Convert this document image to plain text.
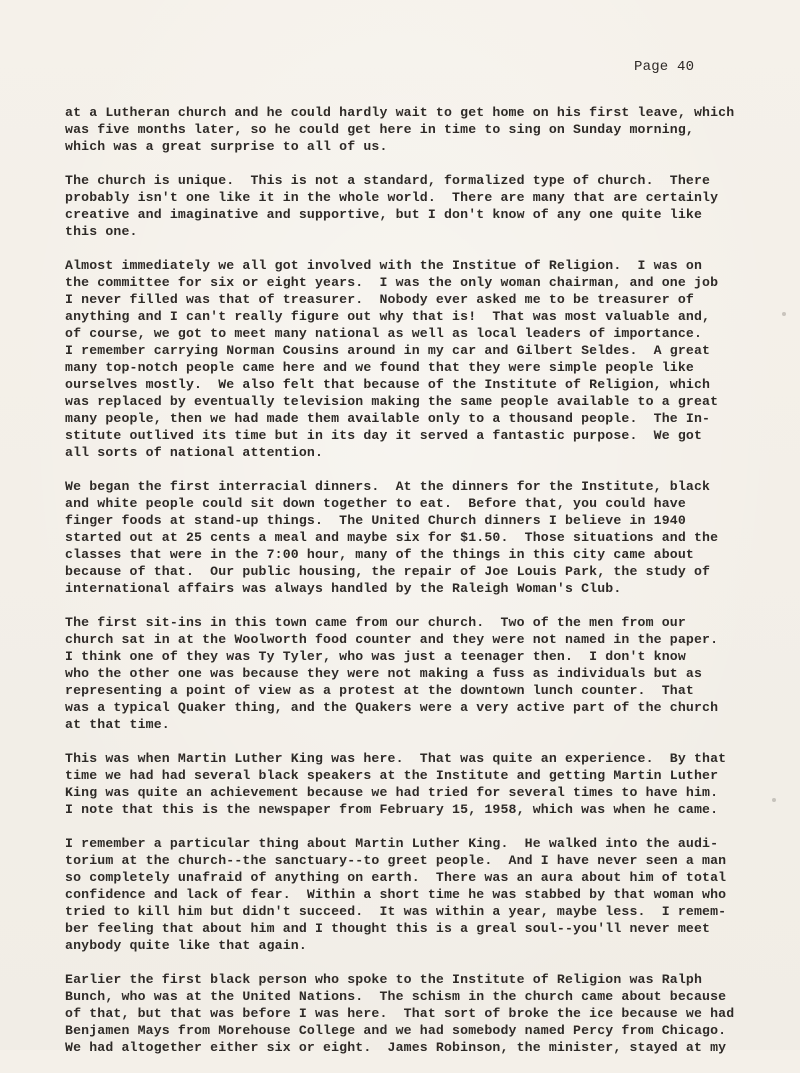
Page 40

at a Lutheran church and he could hardly wait to get home on his first leave, which
was five months later, so he could get here in time to sing on Sunday morning,
which was a great surprise to all of us.

The church is unique.  This is not a standard, formalized type of church.  There
probably isn't one like it in the whole world.  There are many that are certainly
creative and imaginative and supportive, but I don't know of any one quite like
this one.

Almost immediately we all got involved with the Institue of Religion.  I was on
the committee for six or eight years.  I was the only woman chairman, and one job
I never filled was that of treasurer.  Nobody ever asked me to be treasurer of
anything and I can't really figure out why that is!  That was most valuable and,
of course, we got to meet many national as well as local leaders of importance.
I remember carrying Norman Cousins around in my car and Gilbert Seldes.  A great
many top-notch people came here and we found that they were simple people like
ourselves mostly.  We also felt that because of the Institute of Religion, which
was replaced by eventually television making the same people available to a great
many people, then we had made them available only to a thousand people.  The In-
stitute outlived its time but in its day it served a fantastic purpose.  We got
all sorts of national attention.

We began the first interracial dinners.  At the dinners for the Institute, black
and white people could sit down together to eat.  Before that, you could have
finger foods at stand-up things.  The United Church dinners I believe in 1940
started out at 25 cents a meal and maybe six for $1.50.  Those situations and the
classes that were in the 7:00 hour, many of the things in this city came about
because of that.  Our public housing, the repair of Joe Louis Park, the study of
international affairs was always handled by the Raleigh Woman's Club.

The first sit-ins in this town came from our church.  Two of the men from our
church sat in at the Woolworth food counter and they were not named in the paper.
I think one of they was Ty Tyler, who was just a teenager then.  I don't know
who the other one was because they were not making a fuss as individuals but as
representing a point of view as a protest at the downtown lunch counter.  That
was a typical Quaker thing, and the Quakers were a very active part of the church
at that time.

This was when Martin Luther King was here.  That was quite an experience.  By that
time we had had several black speakers at the Institute and getting Martin Luther
King was quite an achievement because we had tried for several times to have him.
I note that this is the newspaper from February 15, 1958, which was when he came.

I remember a particular thing about Martin Luther King.  He walked into the audi-
torium at the church--the sanctuary--to greet people.  And I have never seen a man
so completely unafraid of anything on earth.  There was an aura about him of total
confidence and lack of fear.  Within a short time he was stabbed by that woman who
tried to kill him but didn't succeed.  It was within a year, maybe less.  I remem-
ber feeling that about him and I thought this is a greal soul--you'll never meet
anybody quite like that again.

Earlier the first black person who spoke to the Institute of Religion was Ralph
Bunch, who was at the United Nations.  The schism in the church came about because
of that, but that was before I was here.  That sort of broke the ice because we had
Benjamen Mays from Morehouse College and we had somebody named Percy from Chicago.
We had altogether either six or eight.  James Robinson, the minister, stayed at my
